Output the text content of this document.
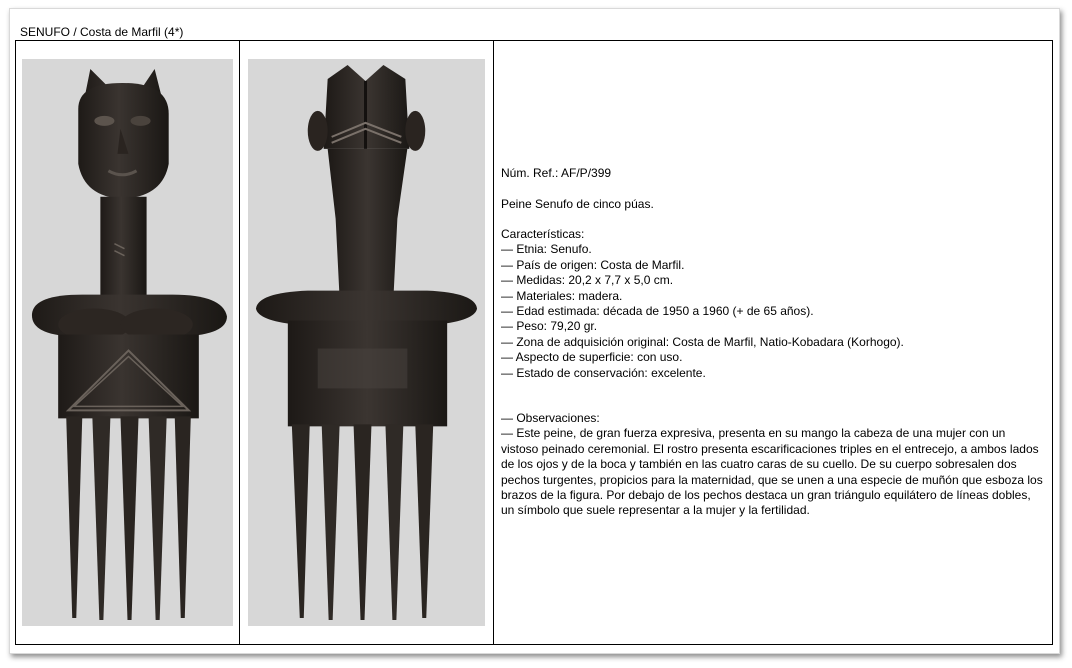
SENUFO / Costa de Marfil (4*)

Núm. Ref.: AF/P/399

Peine Senufo de cinco púas.

Características:

— Etnia: Senufo.

— País de origen: Costa de Marfil.

— Medidas: 20,2 x 7,7 x 5,0 cm.

— Materiales: madera.

— Edad estimada: década de 1950 a 1960 (+ de 65 años).

— Peso: 79,20 gr.

— Zona de adquisición original: Costa de Marfil, Natio-Kobadara (Korhogo).

— Aspecto de superficie: con uso.

— Estado de conservación: excelente.

— Observaciones:

— Este peine, de gran fuerza expresiva, presenta en su mango la cabeza de una mujer con un vistoso peinado ceremonial. El rostro presenta escarificaciones triples en el entrecejo, a ambos lados de los ojos y de la boca y también en las cuatro caras de su cuello. De su cuerpo sobresalen dos pechos turgentes, propicios para la maternidad, que se unen a una especie de muñón que esboza los brazos de la figura. Por debajo de los pechos destaca un gran triángulo equilátero de líneas dobles, un símbolo que suele representar a la mujer y la fertilidad.
